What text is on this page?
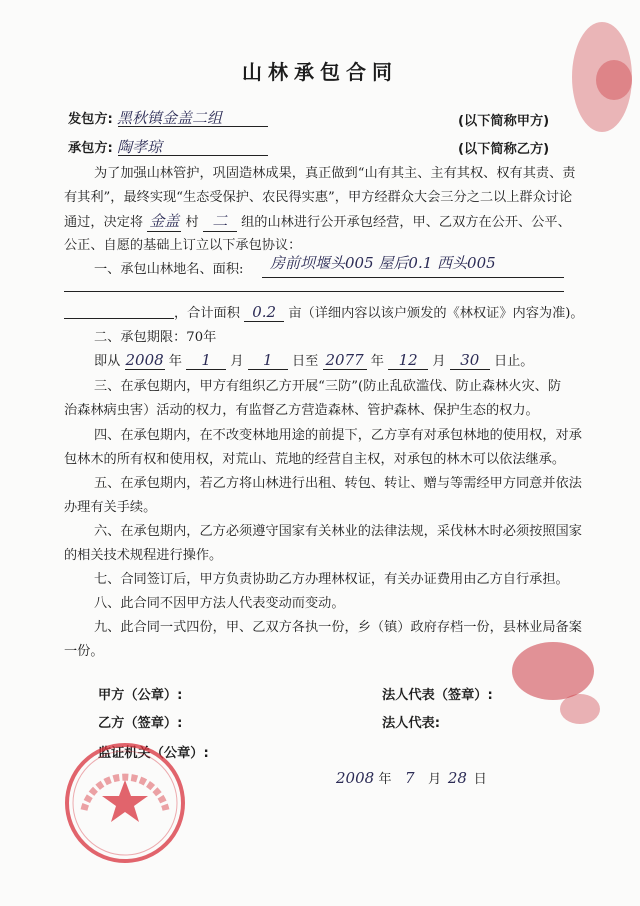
山林承包合同
发包方: 黑秋镇金盖二组	(以下简称甲方)
承包方: 陶孝琼	(以下简称乙方)
为了加强山林管护，巩固造林成果，真正做到“山有其主、主有其权、权有其责、责
有其利”，最终实现“生态受保护、农民得实惠”，甲方经群众大会三分之二以上群众讨论
通过，决定将 金盖 村 二 组的山林进行公开承包经营，甲、乙双方在公开、公平、
公正、自愿的基础上订立以下承包协议：
一、承包山林地名、面积: 房前坝堰头005 屋后0.1 西头005
，合计面积 0.2 亩（详细内容以该户颁发的《林权证》内容为准)。
二、承包期限：70年
即从 2008 年 1 月 1 日至 2077 年 12 月 30 日止。
三、在承包期内，甲方有组织乙方开展“三防”(防止乱砍滥伐、防止森林火灾、防
治森林病虫害）活动的权力，有监督乙方营造森林、管护森林、保护生态的权力。
四、在承包期内，在不改变林地用途的前提下，乙方享有对承包林地的使用权，对承
包林木的所有权和使用权，对荒山、荒地的经营自主权，对承包的林木可以依法继承。
五、在承包期内，若乙方将山林进行出租、转包、转让、赠与等需经甲方同意并依法
办理有关手续。
六、在承包期内，乙方必须遵守国家有关林业的法律法规，采伐林木时必须按照国家
的相关技术规程进行操作。
七、合同签订后，甲方负责协助乙方办理林权证，有关办证费用由乙方自行承担。
八、此合同不因甲方法人代表变动而变动。
九、此合同一式四份，甲、乙双方各执一份，乡（镇）政府存档一份，县林业局备案
一份。
甲方（公章）:	法人代表（签章）:
乙方（签章）:	法人代表:
监证机关（公章）:
2008 年 7 月 28 日
